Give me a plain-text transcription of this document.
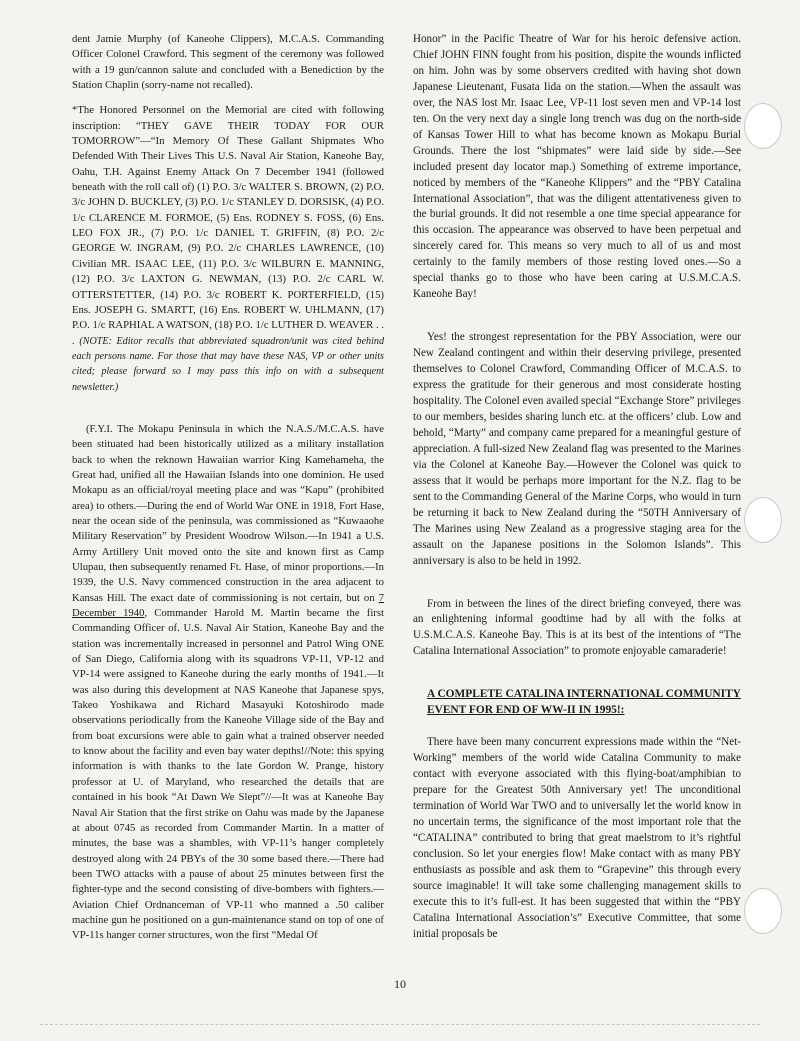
dent Jamie Murphy (of Kaneohe Clippers), M.C.A.S. Commanding Officer Colonel Crawford. This segment of the ceremony was followed with a 19 gun/cannon salute and concluded with a Benediction by the Station Chaplin (sorry-name not recalled).

*The Honored Personnel on the Memorial are cited with following inscription: “THEY GAVE THEIR TODAY FOR OUR TOMORROW”—“In Memory Of These Gallant Shipmates Who Defended With Their Lives This U.S. Naval Air Station, Kaneohe Bay, Oahu, T.H. Against Enemy Attack On 7 December 1941 (followed beneath with the roll call of) (1) P.O. 3/c WALTER S. BROWN, (2) P.O. 3/c JOHN D. BUCKLEY, (3) P.O. 1/c STANLEY D. DORSISK, (4) P.O. 1/c CLARENCE M. FORMOE, (5) Ens. RODNEY S. FOSS, (6) Ens. LEO FOX JR., (7) P.O. 1/c DANIEL T. GRIFFIN, (8) P.O. 2/c GEORGE W. INGRAM, (9) P.O. 2/c CHARLES LAWRENCE, (10) Civilian MR. ISAAC LEE, (11) P.O. 3/c WILBURN E. MANNING, (12) P.O. 3/c LAXTON G. NEWMAN, (13) P.O. 2/c CARL W. OTTERSTETTER, (14) P.O. 3/c ROBERT K. PORTERFIELD, (15) Ens. JOSEPH G. SMARTT, (16) Ens. ROBERT W. UHLMANN, (17) P.O. 1/c RAPHIAL A WATSON, (18) P.O. 1/c LUTHER D. WEAVER . . . (NOTE: Editor recalls that abbreviated squadron/unit was cited behind each persons name. For those that may have these NAS, VP or other units cited; please forward so I may pass this info on with a subsequent newsletter.)

(F.Y.I. The Mokapu Peninsula in which the N.A.S./M.C.A.S. have been stituated had been historically utilized as a military installation back to when the reknown Hawaiian warrior King Kamehameha, the Great had, unified all the Hawaiian Islands into one dominion. He used Mokapu as an official/royal meeting place and was “Kapu” (prohibited area) to others.—During the end of World War ONE in 1918, Fort Hase, near the ocean side of the peninsula, was commissioned as “Kuwaaohe Military Reservation” by President Woodrow Wilson.—In 1941 a U.S. Army Artillery Unit moved onto the site and known first as Camp Ulupau, then subsequently renamed Ft. Hase, of minor proportions.—In 1939, the U.S. Navy commenced construction in the area adjacent to Kansas Hill. The exact date of commissioning is not certain, but on 7 December 1940, Commander Harold M. Martin became the first Commanding Officer of. U.S. Naval Air Station, Kaneohe Bay and the station was incrementally increased in personnel and Patrol Wing ONE of San Diego, California along with its squadrons VP-11, VP-12 and VP-14 were assigned to Kaneohe during the early months of 1941.—It was also during this development at NAS Kaneohe that Japanese spys, Takeo Yoshikawa and Richard Masayuki Kotoshirodo made observations periodically from the Kaneohe Village side of the Bay and from boat excursions were able to gain what a trained observer needed to know about the facility and even bay water depths!//Note: this spying information is with thanks to the late Gordon W. Prange, history professor at U. of Maryland, who researched the details that are contained in his book “At Dawn We Slept”//—It was at Kaneohe Bay Naval Air Station that the first strike on Oahu was made by the Japanese at about 0745 as recorded from Commander Martin. In a matter of minutes, the base was a shambles, with VP-11’s hanger completely destroyed along with 24 PBYs of the 30 some based there.—There had been TWO attacks with a pause of about 25 minutes between first the fighter-type and the second consisting of dive-bombers with fighters.—Aviation Chief Ordnanceman of VP-11 who manned a .50 caliber machine gun he positioned on a gun-maintenance stand on top of one of VP-11s hanger corner structures, won the first “Medal Of

Honor” in the Pacific Theatre of War for his heroic defensive action. Chief JOHN FINN fought from his position, dispite the wounds inflicted on him. John was by some observers credited with having shot down Japanese Lieutenant, Fusata Iida on the station.—When the assault was over, the NAS lost Mr. Isaac Lee, VP-11 lost seven men and VP-14 lost ten. On the very next day a single long trench was dug on the north-side of Kansas Tower Hill to what has become known as Mokapu Burial Grounds. There the lost “shipmates” were laid side by side.—See included present day locator map.) Something of extreme importance, noticed by members of the “Kaneohe Klippers” and the “PBY Catalina International Association”, that was the diligent attentativeness given to the burial grounds. It did not resemble a one time special appearance for this occasion. The appearance was observed to have been perpetual and sincerely cared for. This means so very much to all of us and most certainly to the family members of those resting loved ones.—So a special thanks go to those who have been caring at U.S.M.C.A.S. Kaneohe Bay!

Yes! the strongest representation for the PBY Association, were our New Zealand contingent and within their deserving privilege, presented themselves to Colonel Crawford, Commanding Officer of M.C.A.S. to express the gratitude for their generous and most considerate hosting hospitality. The Colonel even availed special “Exchange Store” privileges to our members, besides sharing lunch etc. at the officers’ club. Low and behold, “Marty” and company came prepared for a meaningful gesture of appreciation. A full-sized New Zealand flag was presented to the Marines via the Colonel at Kaneohe Bay.—However the Colonel was quick to assess that it would be perhaps more important for the N.Z. flag to be sent to the Commanding General of the Marine Corps, who would in turn be returning it back to New Zealand during the “50TH Anniversary of The Marines using New Zealand as a progressive staging area for the assault on the Japanese positions in the Solomon Islands”. This anniversary is also to be held in 1992.

From in between the lines of the direct briefing conveyed, there was an enlightening informal goodtime had by all with the folks at U.S.M.C.A.S. Kaneohe Bay. This is at its best of the intentions of “The Catalina International Association” to promote enjoyable camaraderie!

A COMPLETE CATALINA INTERNATIONAL COMMUNITY EVENT FOR END OF WW-II IN 1995!:

There have been many concurrent expressions made within the “Net-Working” members of the world wide Catalina Community to make contact with everyone associated with this flying-boat/amphibian to prepare for the Greatest 50th Anniversary yet! The unconditional termination of World War TWO and to universally let the world know in no uncertain terms, the significance of the most important role that the “CATALINA” contributed to bring that great maelstrom to it’s rightful conclusion. So let your energies flow! Make contact with as many PBY enthusiasts as possible and ask them to “Grapevine” this through every source imaginable! It will take some challenging management skills to execute this to it’s full-est. It has been suggested that within the “PBY Catalina International Association’s” Executive Committee, that some initial proposals be

10
